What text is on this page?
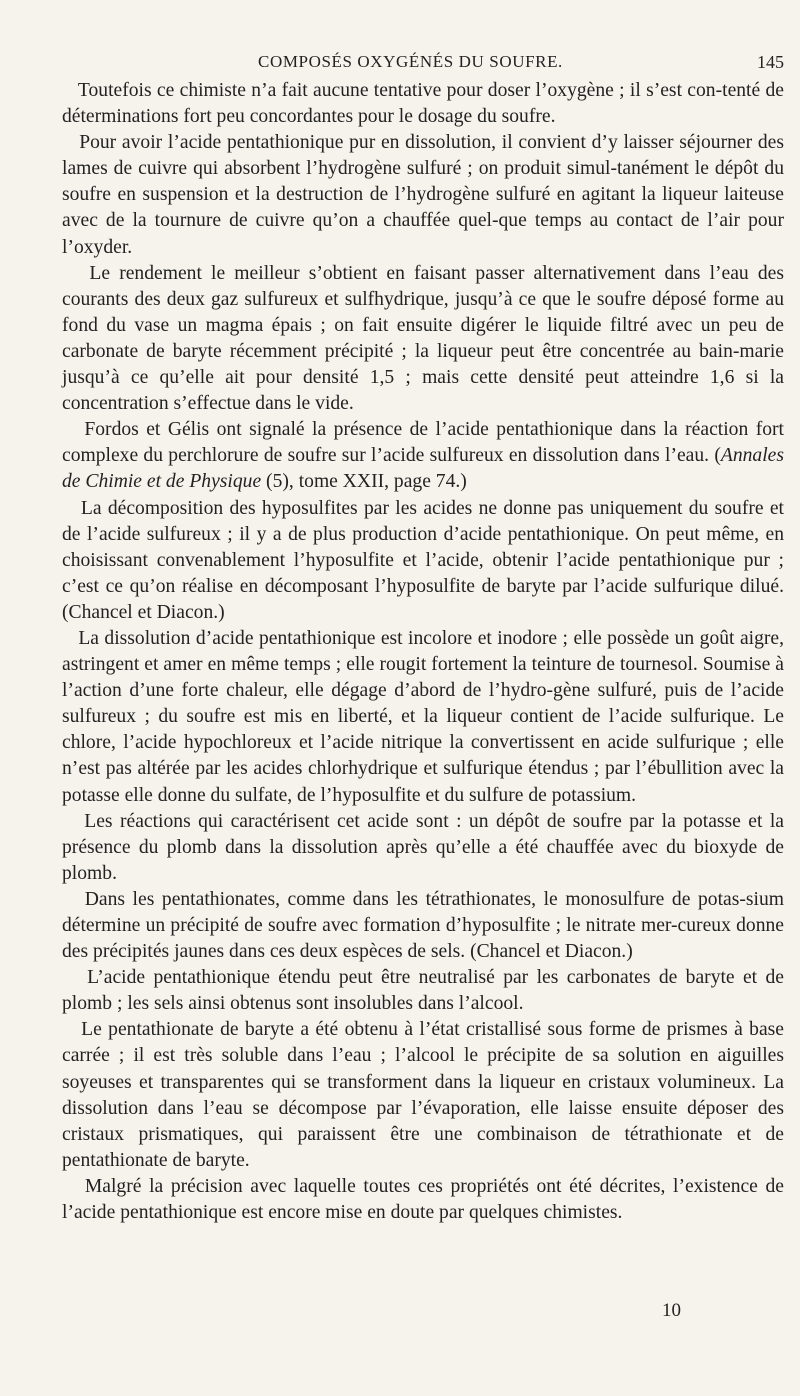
COMPOSÉS OXYGÉNÉS DU SOUFRE.	145

Toutefois ce chimiste n’a fait aucune tentative pour doser l’oxygène ; il s’est con-tenté de déterminations fort peu concordantes pour le dosage du soufre.

Pour avoir l’acide pentathionique pur en dissolution, il convient d’y laisser séjourner des lames de cuivre qui absorbent l’hydrogène sulfuré ; on produit simul-tanément le dépôt du soufre en suspension et la destruction de l’hydrogène sulfuré en agitant la liqueur laiteuse avec de la tournure de cuivre qu’on a chauffée quel-que temps au contact de l’air pour l’oxyder.

Le rendement le meilleur s’obtient en faisant passer alternativement dans l’eau des courants des deux gaz sulfureux et sulfhydrique, jusqu’à ce que le soufre déposé forme au fond du vase un magma épais ; on fait ensuite digérer le liquide filtré avec un peu de carbonate de baryte récemment précipité ; la liqueur peut être concentrée au bain-marie jusqu’à ce qu’elle ait pour densité 1,5 ; mais cette densité peut atteindre 1,6 si la concentration s’effectue dans le vide.

Fordos et Gélis ont signalé la présence de l’acide pentathionique dans la réaction fort complexe du perchlorure de soufre sur l’acide sulfureux en dissolution dans l’eau. (Annales de Chimie et de Physique (5), tome XXII, page 74.)

La décomposition des hyposulfites par les acides ne donne pas uniquement du soufre et de l’acide sulfureux ; il y a de plus production d’acide pentathionique. On peut même, en choisissant convenablement l’hyposulfite et l’acide, obtenir l’acide pentathionique pur ; c’est ce qu’on réalise en décomposant l’hyposulfite de baryte par l’acide sulfurique dilué. (Chancel et Diacon.)

La dissolution d’acide pentathionique est incolore et inodore ; elle possède un goût aigre, astringent et amer en même temps ; elle rougit fortement la teinture de tournesol. Soumise à l’action d’une forte chaleur, elle dégage d’abord de l’hydro-gène sulfuré, puis de l’acide sulfureux ; du soufre est mis en liberté, et la liqueur contient de l’acide sulfurique. Le chlore, l’acide hypochloreux et l’acide nitrique la convertissent en acide sulfurique ; elle n’est pas altérée par les acides chlorhydrique et sulfurique étendus ; par l’ébullition avec la potasse elle donne du sulfate, de l’hyposulfite et du sulfure de potassium.

Les réactions qui caractérisent cet acide sont : un dépôt de soufre par la potasse et la présence du plomb dans la dissolution après qu’elle a été chauffée avec du bioxyde de plomb.

Dans les pentathionates, comme dans les tétrathionates, le monosulfure de potas-sium détermine un précipité de soufre avec formation d’hyposulfite ; le nitrate mer-cureux donne des précipités jaunes dans ces deux espèces de sels. (Chancel et Diacon.)

L’acide pentathionique étendu peut être neutralisé par les carbonates de baryte et de plomb ; les sels ainsi obtenus sont insolubles dans l’alcool.

Le pentathionate de baryte a été obtenu à l’état cristallisé sous forme de prismes à base carrée ; il est très soluble dans l’eau ; l’alcool le précipite de sa solution en aiguilles soyeuses et transparentes qui se transforment dans la liqueur en cristaux volumineux. La dissolution dans l’eau se décompose par l’évaporation, elle laisse ensuite déposer des cristaux prismatiques, qui paraissent être une combinaison de tétrathionate et de pentathionate de baryte.

Malgré la précision avec laquelle toutes ces propriétés ont été décrites, l’existence de l’acide pentathionique est encore mise en doute par quelques chimistes.

10
